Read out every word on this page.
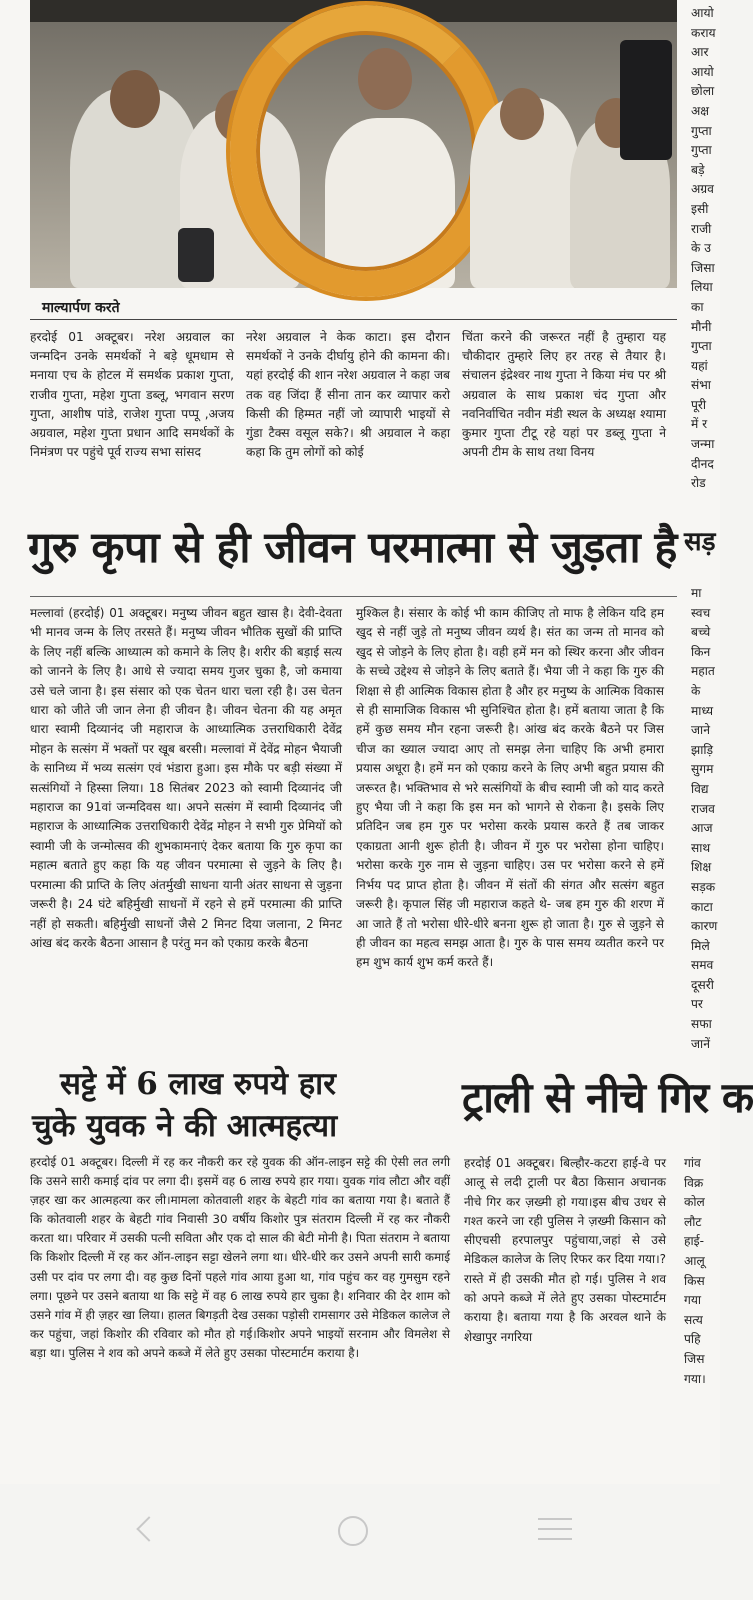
माल्यार्पण करते
हरदोई 01 अक्टूबर। नरेश अग्रवाल का जन्मदिन उनके समर्थकों ने बड़े धूमधाम से मनाया एच के होटल में समर्थक प्रकाश गुप्ता, राजीव गुप्ता, महेश गुप्ता डब्लू, भगवान सरण गुप्ता, आशीष पांडे, राजेश गुप्ता पप्पू ,अजय अग्रवाल, महेश गुप्ता प्रधान आदि समर्थकों के निमंत्रण पर पहुंचे पूर्व राज्य सभा सांसद
नरेश अग्रवाल ने केक काटा। इस दौरान समर्थकों ने उनके दीर्घायु होने की कामना की। यहां हरदोई की शान नरेश अग्रवाल ने कहा जब तक वह जिंदा हैं सीना तान कर व्यापार करो किसी की हिम्मत नहीं जो व्यापारी भाइयों से गुंडा टैक्स वसूल सके?। श्री अग्रवाल ने कहा कहा कि तुम लोगों को कोई
चिंता करने की जरूरत नहीं है तुम्हारा यह चौकीदार तुम्हारे लिए हर तरह से तैयार है। संचालन इंद्रेश्वर नाथ गुप्ता ने किया मंच पर श्री अग्रवाल के साथ प्रकाश चंद गुप्ता और नवनिर्वाचित नवीन मंडी स्थल के अध्यक्ष श्यामा कुमार गुप्ता टीटू रहे यहां पर डब्लू गुप्ता ने अपनी टीम के साथ तथा विनय
गुरु कृपा से ही जीवन परमात्मा से जुड़ता है
मल्लावां (हरदोई) 01 अक्टूबर। मनुष्य जीवन बहुत खास है। देवी-देवता भी मानव जन्म के लिए तरसते हैं। मनुष्य जीवन भौतिक सुखों की प्राप्ति के लिए नहीं बल्कि आध्यात्म को कमाने के लिए है। शरीर की बड़ाई सत्य को जानने के लिए है। आधे से ज्यादा समय गुजर चुका है, जो कमाया उसे चले जाना है। इस संसार को एक चेतन धारा चला रही है। उस चेतन धारा को जीते जी जान लेना ही जीवन है। जीवन चेतना की यह अमृत धारा स्वामी दिव्यानंद जी महाराज के आध्यात्मिक उत्तराधिकारी देवेंद्र मोहन के सत्संग में भक्तों पर खूब बरसी। मल्लावां में देवेंद्र मोहन भैयाजी के सानिध्य में भव्य सत्संग एवं भंडारा हुआ। इस मौके पर बड़ी संख्या में सत्संगियों ने हिस्सा लिया। 18 सितंबर 2023 को स्वामी दिव्यानंद जी महाराज का 91वां जन्मदिवस था। अपने सत्संग में स्वामी दिव्यानंद जी महाराज के आध्यात्मिक उत्तराधिकारी देवेंद्र मोहन ने सभी गुरु प्रेमियों को स्वामी जी के जन्मोत्सव की शुभकामनाएं देकर बताया कि गुरु कृपा का महात्म बताते हुए कहा कि यह जीवन परमात्मा से जुड़ने के लिए है। परमात्मा की प्राप्ति के लिए अंतर्मुखी साधना यानी अंतर साधना से जुड़ना जरूरी है। 24 घंटे बहिर्मुखी साधनों में रहने से हमें परमात्मा की प्राप्ति नहीं हो सकती। बहिर्मुखी साधनों जैसे 2 मिनट दिया जलाना, 2 मिनट आंख बंद करके बैठना आसान है परंतु मन को एकाग्र करके बैठना
मुश्किल है। संसार के कोई भी काम कीजिए तो माफ है लेकिन यदि हम खुद से नहीं जुड़े तो मनुष्य जीवन व्यर्थ है। संत का जन्म तो मानव को खुद से जोड़ने के लिए होता है। वही हमें मन को स्थिर करना और जीवन के सच्चे उद्देश्य से जोड़ने के लिए बताते हैं। भैया जी ने कहा कि गुरु की शिक्षा से ही आत्मिक विकास होता है और हर मनुष्य के आत्मिक विकास से ही सामाजिक विकास भी सुनिश्चित होता है। हमें बताया जाता है कि हमें कुछ समय मौन रहना जरूरी है। आंख बंद करके बैठने पर जिस चीज का ख्याल ज्यादा आए तो समझ लेना चाहिए कि अभी हमारा प्रयास अधूरा है। हमें मन को एकाग्र करने के लिए अभी बहुत प्रयास की जरूरत है। भक्तिभाव से भरे सत्संगियों के बीच स्वामी जी को याद करते हुए भैया जी ने कहा कि इस मन को भागने से रोकना है। इसके लिए प्रतिदिन जब हम गुरु पर भरोसा करके प्रयास करते हैं तब जाकर एकाग्रता आनी शुरू होती है। जीवन में गुरु पर भरोसा होना चाहिए। भरोसा करके गुरु नाम से जुड़ना चाहिए। उस पर भरोसा करने से हमें निर्भय पद प्राप्त होता है। जीवन में संतों की संगत और सत्संग बहुत जरूरी है। कृपाल सिंह जी महाराज कहते थे- जब हम गुरु की शरण में आ जाते हैं तो भरोसा धीरे-धीरे बनना शुरू हो जाता है। गुरु से जुड़ने से ही जीवन का महत्व समझ आता है। गुरु के पास समय व्यतीत करने पर हम शुभ कार्य शुभ कर्म करते हैं।
सट्टे में 6 लाख रुपये हार
चुके युवक ने की आत्महत्या
हरदोई 01 अक्टूबर। दिल्ली में रह कर नौकरी कर रहे युवक की ऑन-लाइन सट्टे की ऐसी लत लगी कि उसने सारी कमाई दांव पर लगा दी। इसमें वह 6 लाख रुपये हार गया। युवक गांव लौटा और वहीं ज़हर खा कर आत्महत्या कर ली।मामला कोतवाली शहर के बेहटी गांव का बताया गया है। बताते हैं कि कोतवाली शहर के बेहटी गांव निवासी 30 वर्षीय किशोर पुत्र संतराम दिल्ली में रह कर नौकरी करता था। परिवार में उसकी पत्नी सविता और एक दो साल की बेटी मोनी है। पिता संतराम ने बताया कि किशोर दिल्ली में रह कर ऑन-लाइन सट्टा खेलने लगा था। धीरे-धीरे कर उसने अपनी सारी कमाई उसी पर दांव पर लगा दी। वह कुछ दिनों पहले गांव आया हुआ था, गांव पहुंच कर वह गुमसुम रहने लगा। पूछने पर उसने बताया था कि सट्टे में वह 6 लाख रुपये हार चुका है। शनिवार की देर शाम को उसने गांव में ही ज़हर खा लिया। हालत बिगड़ती देख उसका पड़ोसी रामसागर उसे मेडिकल कालेज ले कर पहुंचा, जहां किशोर की रविवार को मौत हो गई।किशोर अपने भाइयों सरनाम और विमलेश से बड़ा था। पुलिस ने शव को अपने कब्जे में लेते हुए उसका पोस्टमार्टम कराया है।
ट्राली से नीचे गिर क
हरदोई 01 अक्टूबर। बिल्हौर-कटरा हाई-वे पर आलू से लदी ट्राली पर बैठा किसान अचानक नीचे गिर कर ज़ख्मी हो गया।इस बीच उधर से गश्त करने जा रही पुलिस ने ज़ख्मी किसान को सीएचसी हरपालपुर पहुंचाया,जहां से उसे मेडिकल कालेज के लिए रिफर कर दिया गया।? रास्ते में ही उसकी मौत हो गई। पुलिस ने शव को अपने कब्जे में लेते हुए उसका पोस्टमार्टम कराया है। बताया गया है कि अरवल थाने के शेखापुर नगरिया
आयो
कराय
आर
आयो
छोला
अक्ष
गुप्ता
गुप्ता
बड़े
अग्रव
इसी
राजी
के उ
जिसा
लिया
का
मौनी
गुप्ता
यहां
संभा
पूरी
में र
जन्मा
दीनद
रोड
सड़
मा
स्वच
बच्चे
किन
महात
के
माध्य
जाने
झाड़ि
सुगम
विद्य
राजव
आज
साथ
शिक्ष
सड़क
काटा
कारण
मिले
समव
दूसरी
पर
सफा
जानें
गांव
विक्र
कोल
लौट
हाई-
आलू
किस
गया
सत्य
पहि
जिस
गया।
